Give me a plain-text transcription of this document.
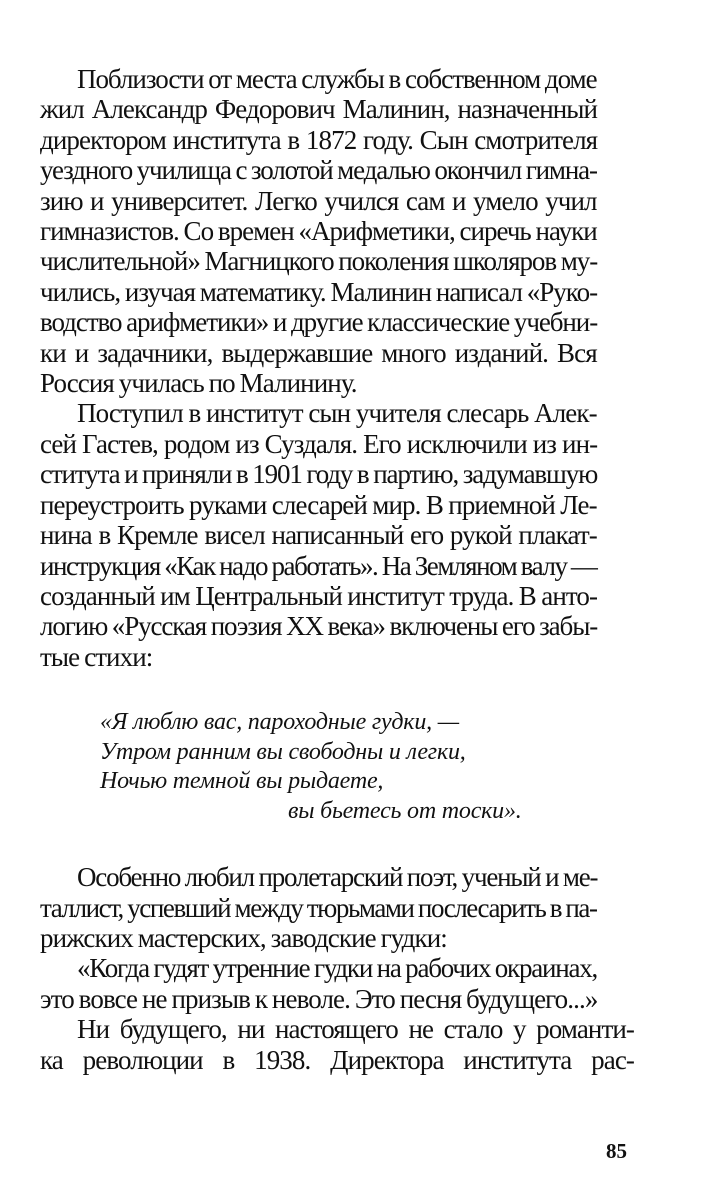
Поблизости от места службы в собственном доме
жил Александр Федорович Малинин, назначенный
директором института в 1872 году. Сын смотрителя
уездного училища с золотой медалью окончил гимна-
зию и университет. Легко учился сам и умело учил
гимназистов. Со времен «Арифметики, сиречь науки
числительной» Магницкого поколения школяров му-
чились, изучая математику. Малинин написал «Руко-
водство арифметики» и другие классические учебни-
ки и задачники, выдержавшие много изданий. Вся
Россия училась по Малинину.

Поступил в институт сын учителя слесарь Алек-
сей Гастев, родом из Суздаля. Его исключили из ин-
ститута и приняли в 1901 году в партию, задумавшую
переустроить руками слесарей мир. В приемной Ле-
нина в Кремле висел написанный его рукой плакат-
инструкция «Как надо работать». На Земляном валу —
созданный им Центральный институт труда. В анто-
логию «Русская поэзия XX века» включены его забы-
тые стихи:

«Я люблю вас, пароходные гудки, —
Утром ранним вы свободны и легки,
Ночью темной вы рыдаете,
вы бьетесь от тоски».

Особенно любил пролетарский поэт, ученый и ме-
таллист, успевший между тюрьмами послесарить в па-
рижских мастерских, заводские гудки:

«Когда гудят утренние гудки на рабочих окраинах,
это вовсе не призыв к неволе. Это песня будущего...»

Ни будущего, ни настоящего не стало у романти-
ка революции в 1938. Директора института рас-

85
